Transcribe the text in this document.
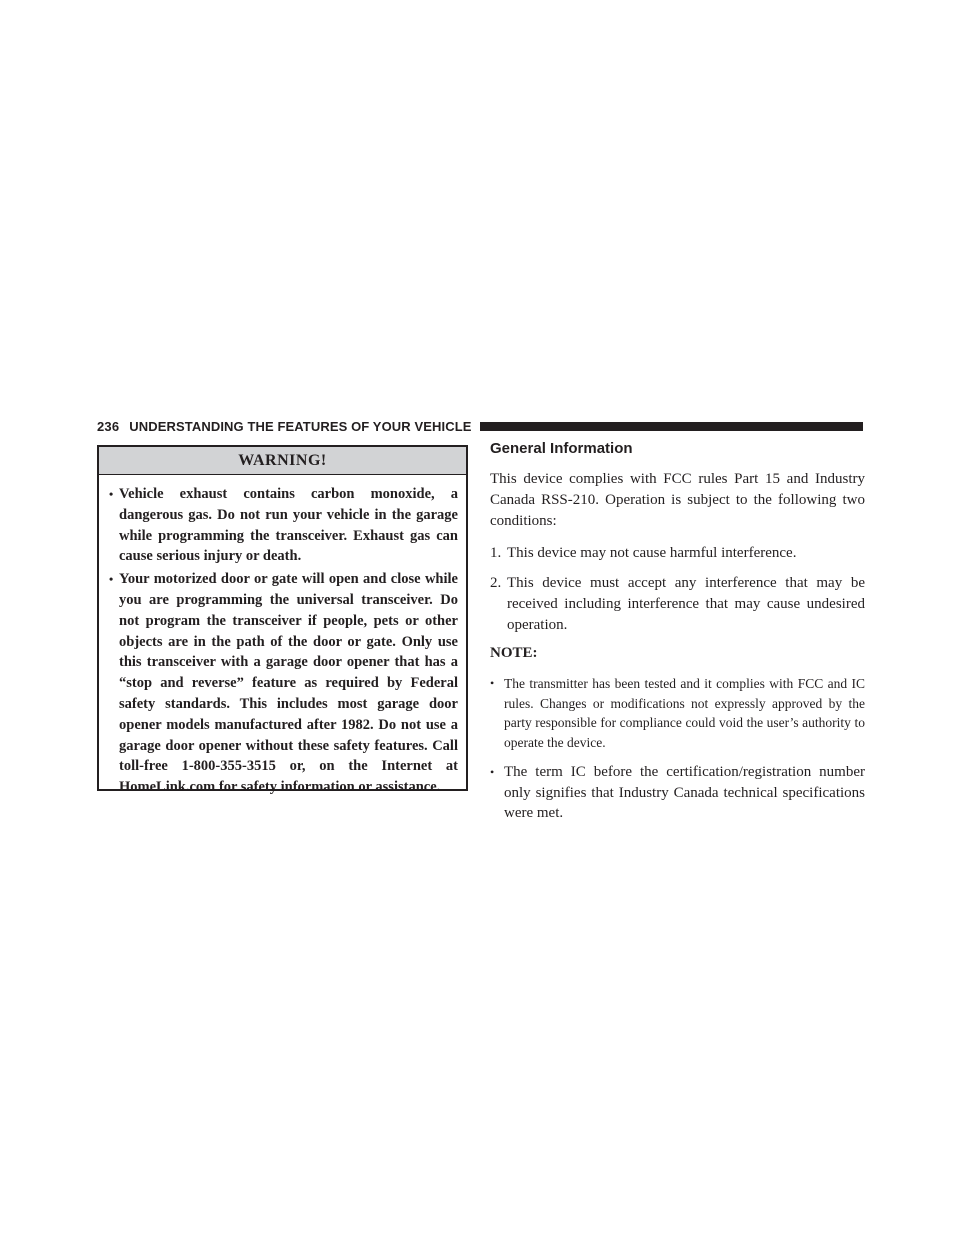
236 UNDERSTANDING THE FEATURES OF YOUR VEHICLE
WARNING!
• Vehicle exhaust contains carbon monoxide, a dangerous gas. Do not run your vehicle in the garage while programming the transceiver. Exhaust gas can cause serious injury or death.
• Your motorized door or gate will open and close while you are programming the universal transceiver. Do not program the transceiver if people, pets or other objects are in the path of the door or gate. Only use this transceiver with a garage door opener that has a “stop and reverse” feature as required by Federal safety standards. This includes most garage door opener models manufactured after 1982. Do not use a garage door opener without these safety features. Call toll-free 1-800-355-3515 or, on the Internet at HomeLink.com for safety information or assistance.
General Information

This device complies with FCC rules Part 15 and Industry Canada RSS-210. Operation is subject to the following two conditions:

1. This device may not cause harmful interference.
2. This device must accept any interference that may be received including interference that may cause undesired operation.
NOTE:
• The transmitter has been tested and it complies with FCC and IC rules. Changes or modifications not expressly approved by the party responsible for compliance could void the user’s authority to operate the device.
• The term IC before the certification/registration number only signifies that Industry Canada technical specifications were met.
